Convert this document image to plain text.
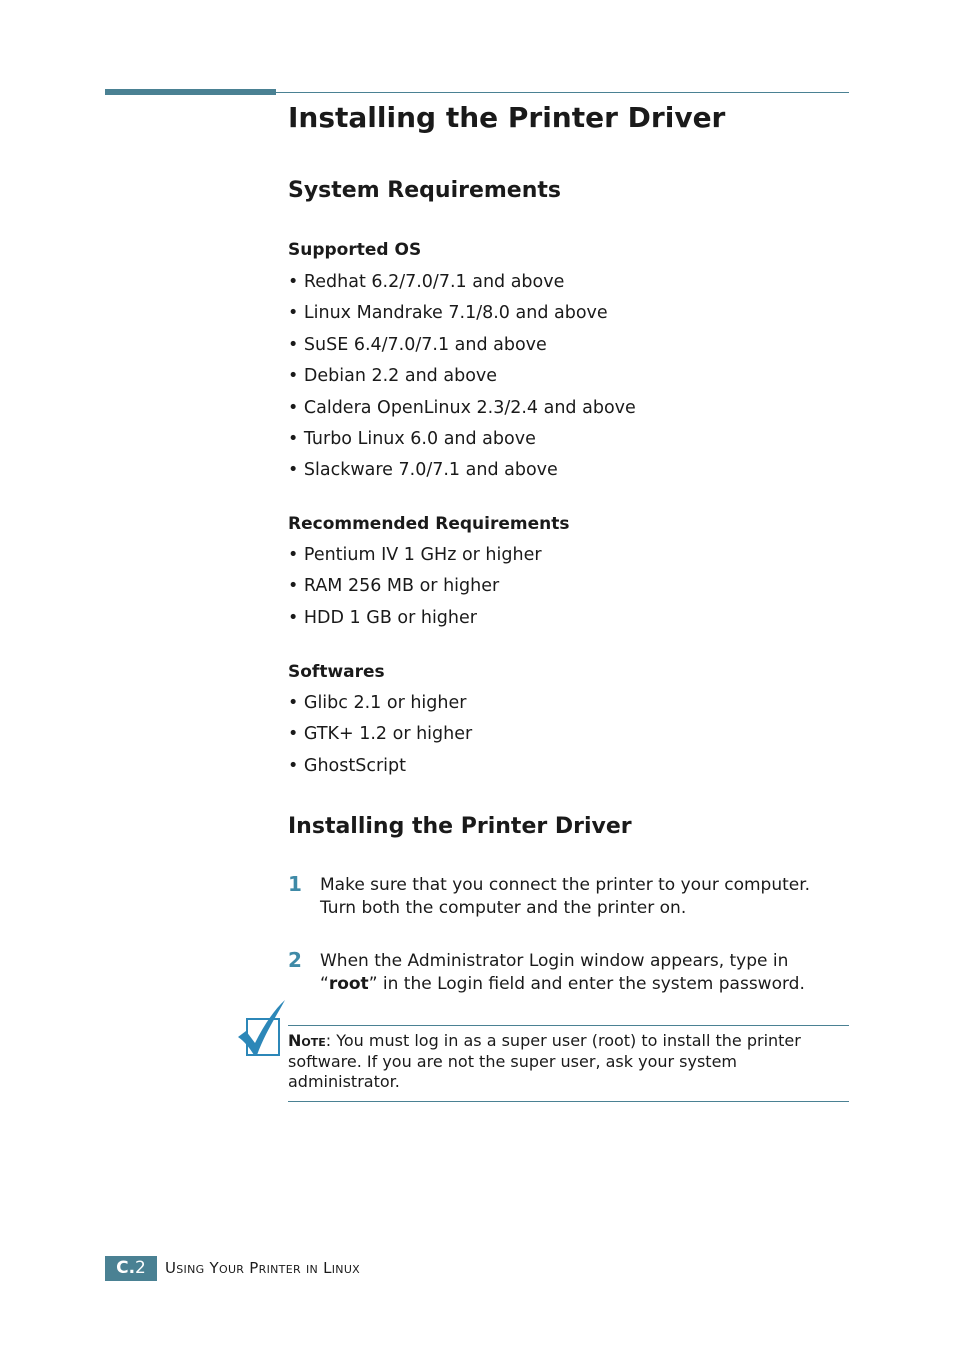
Installing the Printer Driver
System Requirements
Supported OS
• Redhat 6.2/7.0/7.1 and above
• Linux Mandrake 7.1/8.0 and above
• SuSE 6.4/7.0/7.1 and above
• Debian 2.2 and above
• Caldera OpenLinux 2.3/2.4 and above
• Turbo Linux 6.0 and above
• Slackware 7.0/7.1 and above
Recommended Requirements
• Pentium IV 1 GHz or higher
• RAM 256 MB or higher
• HDD 1 GB or higher
Softwares
• Glibc 2.1 or higher
• GTK+ 1.2 or higher
• GhostScript
Installing the Printer Driver
1 Make sure that you connect the printer to your computer. Turn both the computer and the printer on.
2 When the Administrator Login window appears, type in “root” in the Login field and enter the system password.
Note: You must log in as a super user (root) to install the printer software. If you are not the super user, ask your system administrator.
C.2	Using Your Printer in Linux
